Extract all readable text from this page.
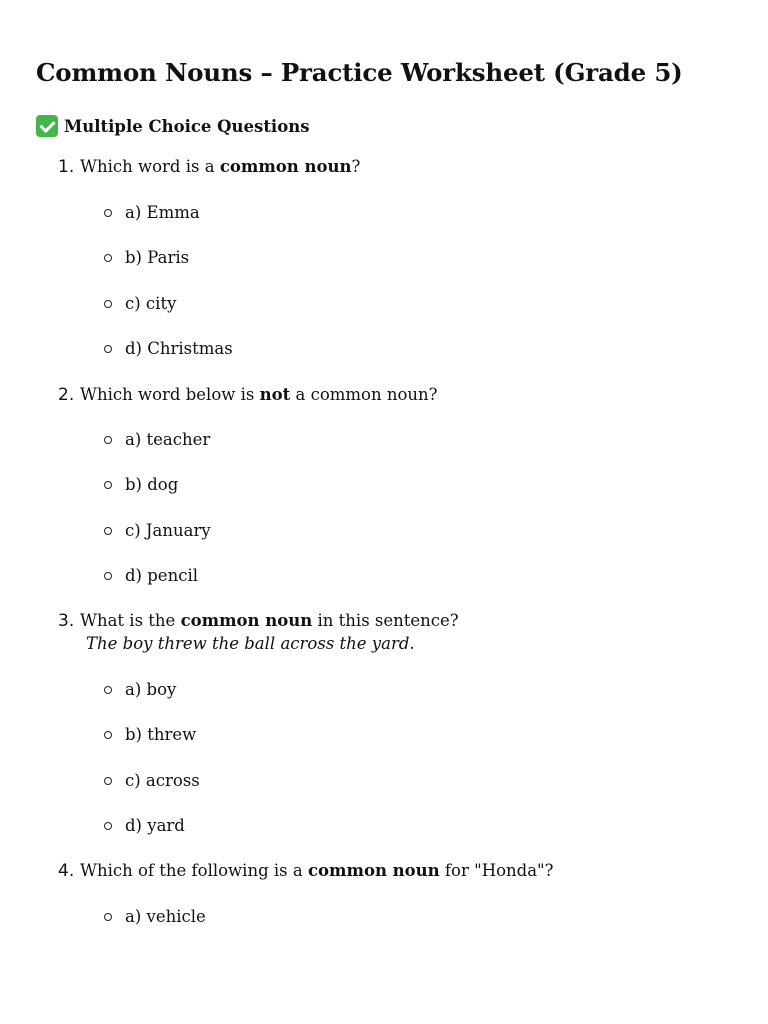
Common Nouns – Practice Worksheet (Grade 5)
Multiple Choice Questions
1. Which word is a common noun?
a) Emma
b) Paris
c) city
d) Christmas
2. Which word below is not a common noun?
a) teacher
b) dog
c) January
d) pencil
3. What is the common noun in this sentence?
The boy threw the ball across the yard.
a) boy
b) threw
c) across
d) yard
4. Which of the following is a common noun for "Honda"?
a) vehicle
